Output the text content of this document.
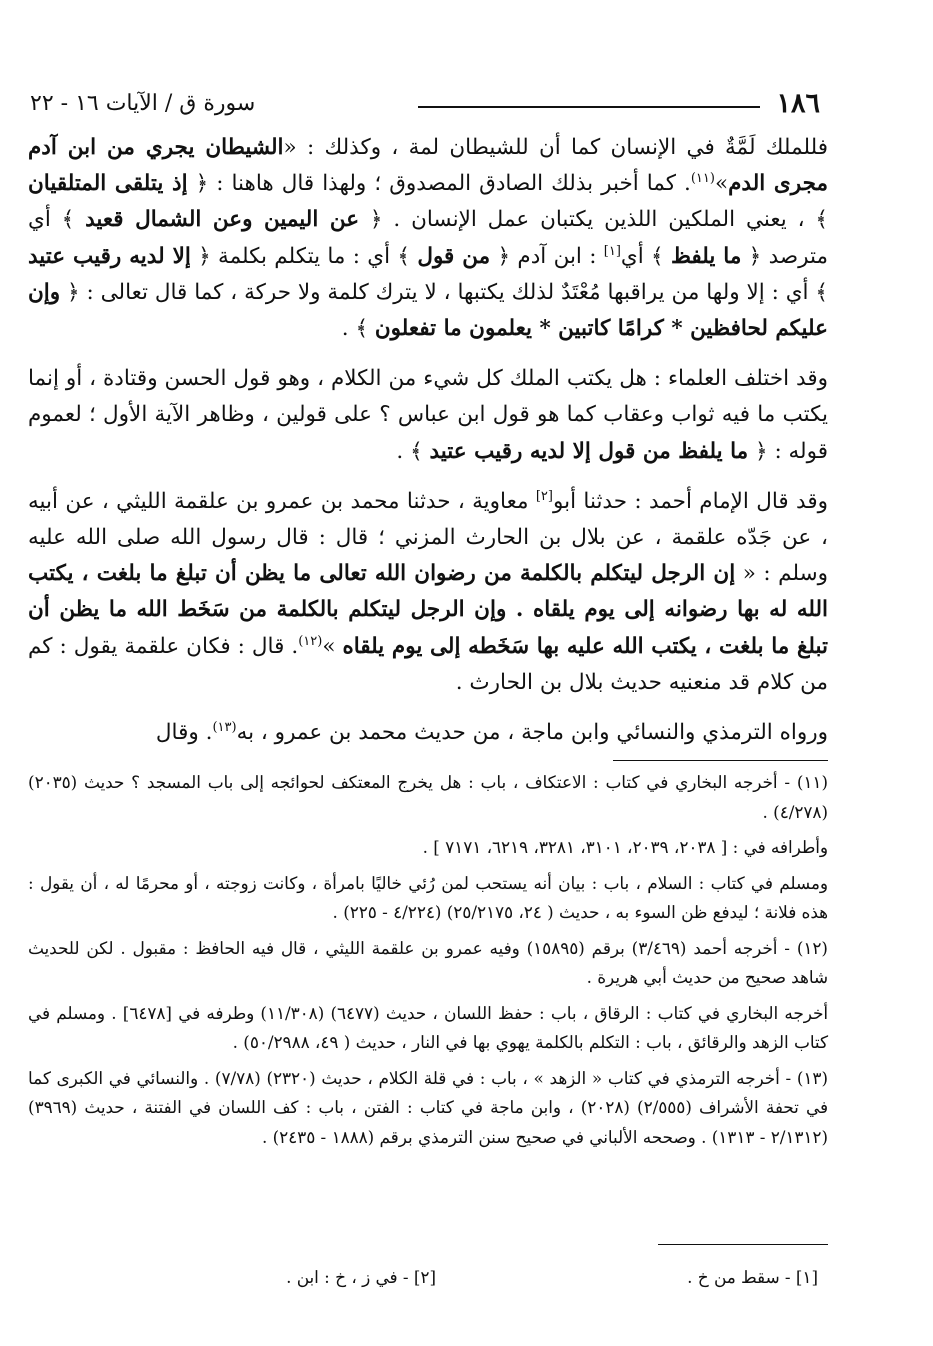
١٨٦
سورة ق / الآيات ١٦ - ٢٢

فللملك لَمَّةٌ في الإنسان كما أن للشيطان لمة ، وكذلك : «الشيطان يجري من ابن آدم مجرى الدم»$^{(١١)}$. كما أخبر بذلك الصادق المصدوق ؛ ولهذا قال هاهنا : ﴿ إذ يتلقى المتلقيان ﴾ ، يعني الملكين اللذين يكتبان عمل الإنسان . ﴿ عن اليمين وعن الشمال قعيد ﴾ أي مترصد ﴿ ما يلفظ ﴾ أي[١] : ابن آدم ﴿ من قول ﴾ أي : ما يتكلم بكلمة ﴿ إلا لديه رقيب عتيد ﴾ أي : إلا ولها من يراقبها مُعْتَدٌ لذلك يكتبها ، لا يترك كلمة ولا حركة ، كما قال تعالى : ﴿ وإن عليكم لحافظين * كرامًا كاتبين * يعلمون ما تفعلون ﴾ .

وقد اختلف العلماء : هل يكتب الملك كل شيء من الكلام ، وهو قول الحسن وقتادة ، أو إنما يكتب ما فيه ثواب وعقاب كما هو قول ابن عباس ؟ على قولين ، وظاهر الآية الأول ؛ لعموم قوله : ﴿ ما يلفظ من قول إلا لديه رقيب عتيد ﴾ .

وقد قال الإمام أحمد : حدثنا أبو[٢] معاوية ، حدثنا محمد بن عمرو بن علقمة الليثي ، عن أبيه ، عن جَدّه علقمة ، عن بلال بن الحارث المزني ؛ قال : قال رسول الله صلى الله عليه وسلم : « إن الرجل ليتكلم بالكلمة من رضوان الله تعالى ما يظن أن تبلغ ما بلغت ، يكتب الله له بها رضوانه إلى يوم يلقاه . وإن الرجل ليتكلم بالكلمة من سَخَط الله ما يظن أن تبلغ ما بلغت ، يكتب الله عليه بها سَخَطه إلى يوم يلقاه »$^{(١٢)}$. قال : فكان علقمة يقول : كم من كلام قد منعنيه حديث بلال بن الحارث .

ورواه الترمذي والنسائي وابن ماجة ، من حديث محمد بن عمرو ، به$^{(١٣)}$. وقال

(١١) - أخرجه البخاري في كتاب : الاعتكاف ، باب : هل يخرج المعتكف لحوائجه إلى باب المسجد ؟ حديث (٢٠٣٥) (٤/٢٧٨) .

وأطرافه في : [ ٢٠٣٨، ٢٠٣٩، ٣١٠١، ٣٢٨١، ٦٢١٩، ٧١٧١ ] .

ومسلم في كتاب : السلام ، باب : بيان أنه يستحب لمن رُئي خاليًا بامرأة ، وكانت زوجته ، أو محرمًا له ، أن يقول : هذه فلانة ؛ ليدفع ظن السوء به ، حديث ( ٢٤، ٢٥/٢١٧٥) (٤/٢٢٤ - ٢٢٥) .

(١٢) - أخرجه أحمد (٣/٤٦٩) برقم (١٥٨٩٥) وفيه عمرو بن علقمة الليثي ، قال فيه الحافظ : مقبول . لكن للحديث شاهد صحيح من حديث أبي هريرة .

أخرجه البخاري في كتاب : الرقاق ، باب : حفظ اللسان ، حديث (٦٤٧٧) (١١/٣٠٨) وطرفه في [٦٤٧٨] . ومسلم في كتاب الزهد والرقائق ، باب : التكلم بالكلمة يهوي بها في النار ، حديث ( ٤٩، ٥٠/٢٩٨٨) .

(١٣) - أخرجه الترمذي في كتاب « الزهد » ، باب : في قلة الكلام ، حديث (٢٣٢٠) (٧/٧٨) . والنسائي في الكبرى كما في تحفة الأشراف (٢/٥٥٥) (٢٠٢٨) ، وابن ماجة في كتاب : الفتن ، باب : كف اللسان في الفتنة ، حديث (٣٩٦٩) (٢/١٣١٢ - ١٣١٣) . وصححه الألباني في صحيح سنن الترمذي برقم (١٨٨٨ - ٢٤٣٥) .

[١] - سقط من خ .
[٢] - في ز ، خ : ابن .
